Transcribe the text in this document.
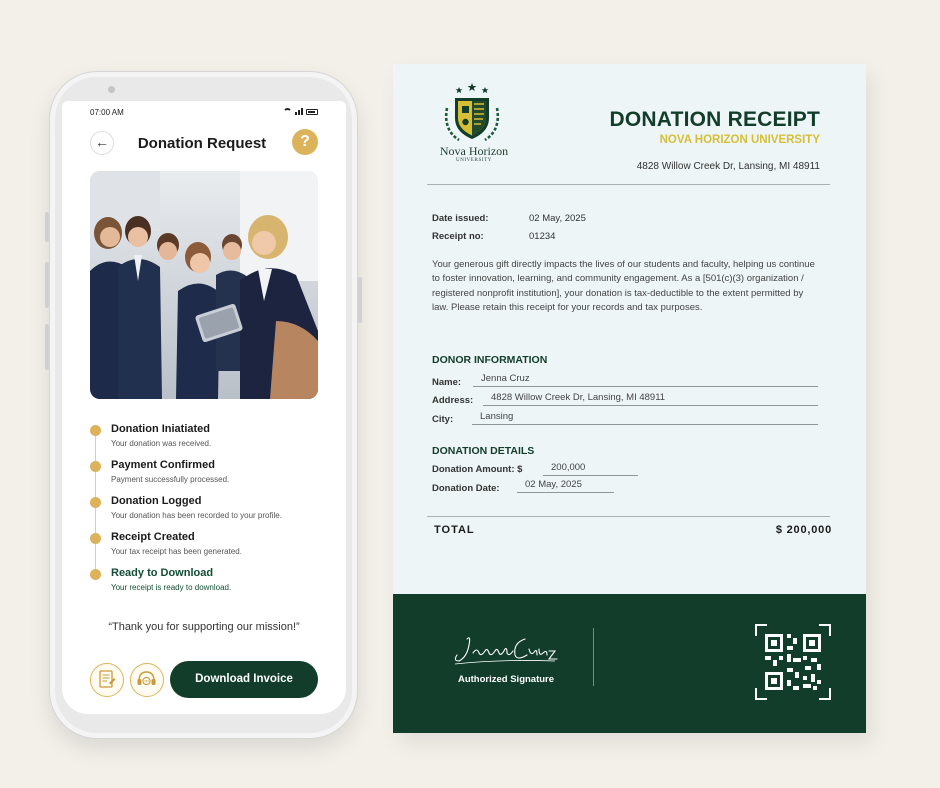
07:00 AM
←	Donation Request	?
Donation Iniatiated
Your donation was received.
Payment Confirmed
Payment successfully processed.
Donation Logged
Your donation has been recorded to your profile.
Receipt Created
Your tax receipt has been generated.
Ready to Download
Your receipt is ready to download.
“Thank you for supporting our mission!”
Download Invoice
Nova Horizon
UNIVERSITY
DONATION RECEIPT
NOVA HORIZON UNIVERSITY
4828 Willow Creek Dr, Lansing, MI 48911
Date issued:	02 May, 2025
Receipt no:	01234
Your generous gift directly impacts the lives of our students and faculty, helping us continue to foster innovation, learning, and community engagement. As a [501(c)(3) organization / registered nonprofit institution], your donation is tax-deductible to the extent permitted by law. Please retain this receipt for your records and tax purposes.
DONOR INFORMATION
Name:	Jenna Cruz
Address:	4828 Willow Creek Dr, Lansing, MI 48911
City:	Lansing
DONATION DETAILS
Donation Amount: $	200,000
Donation Date:	02 May, 2025
TOTAL	$ 200,000
Authorized Signature
